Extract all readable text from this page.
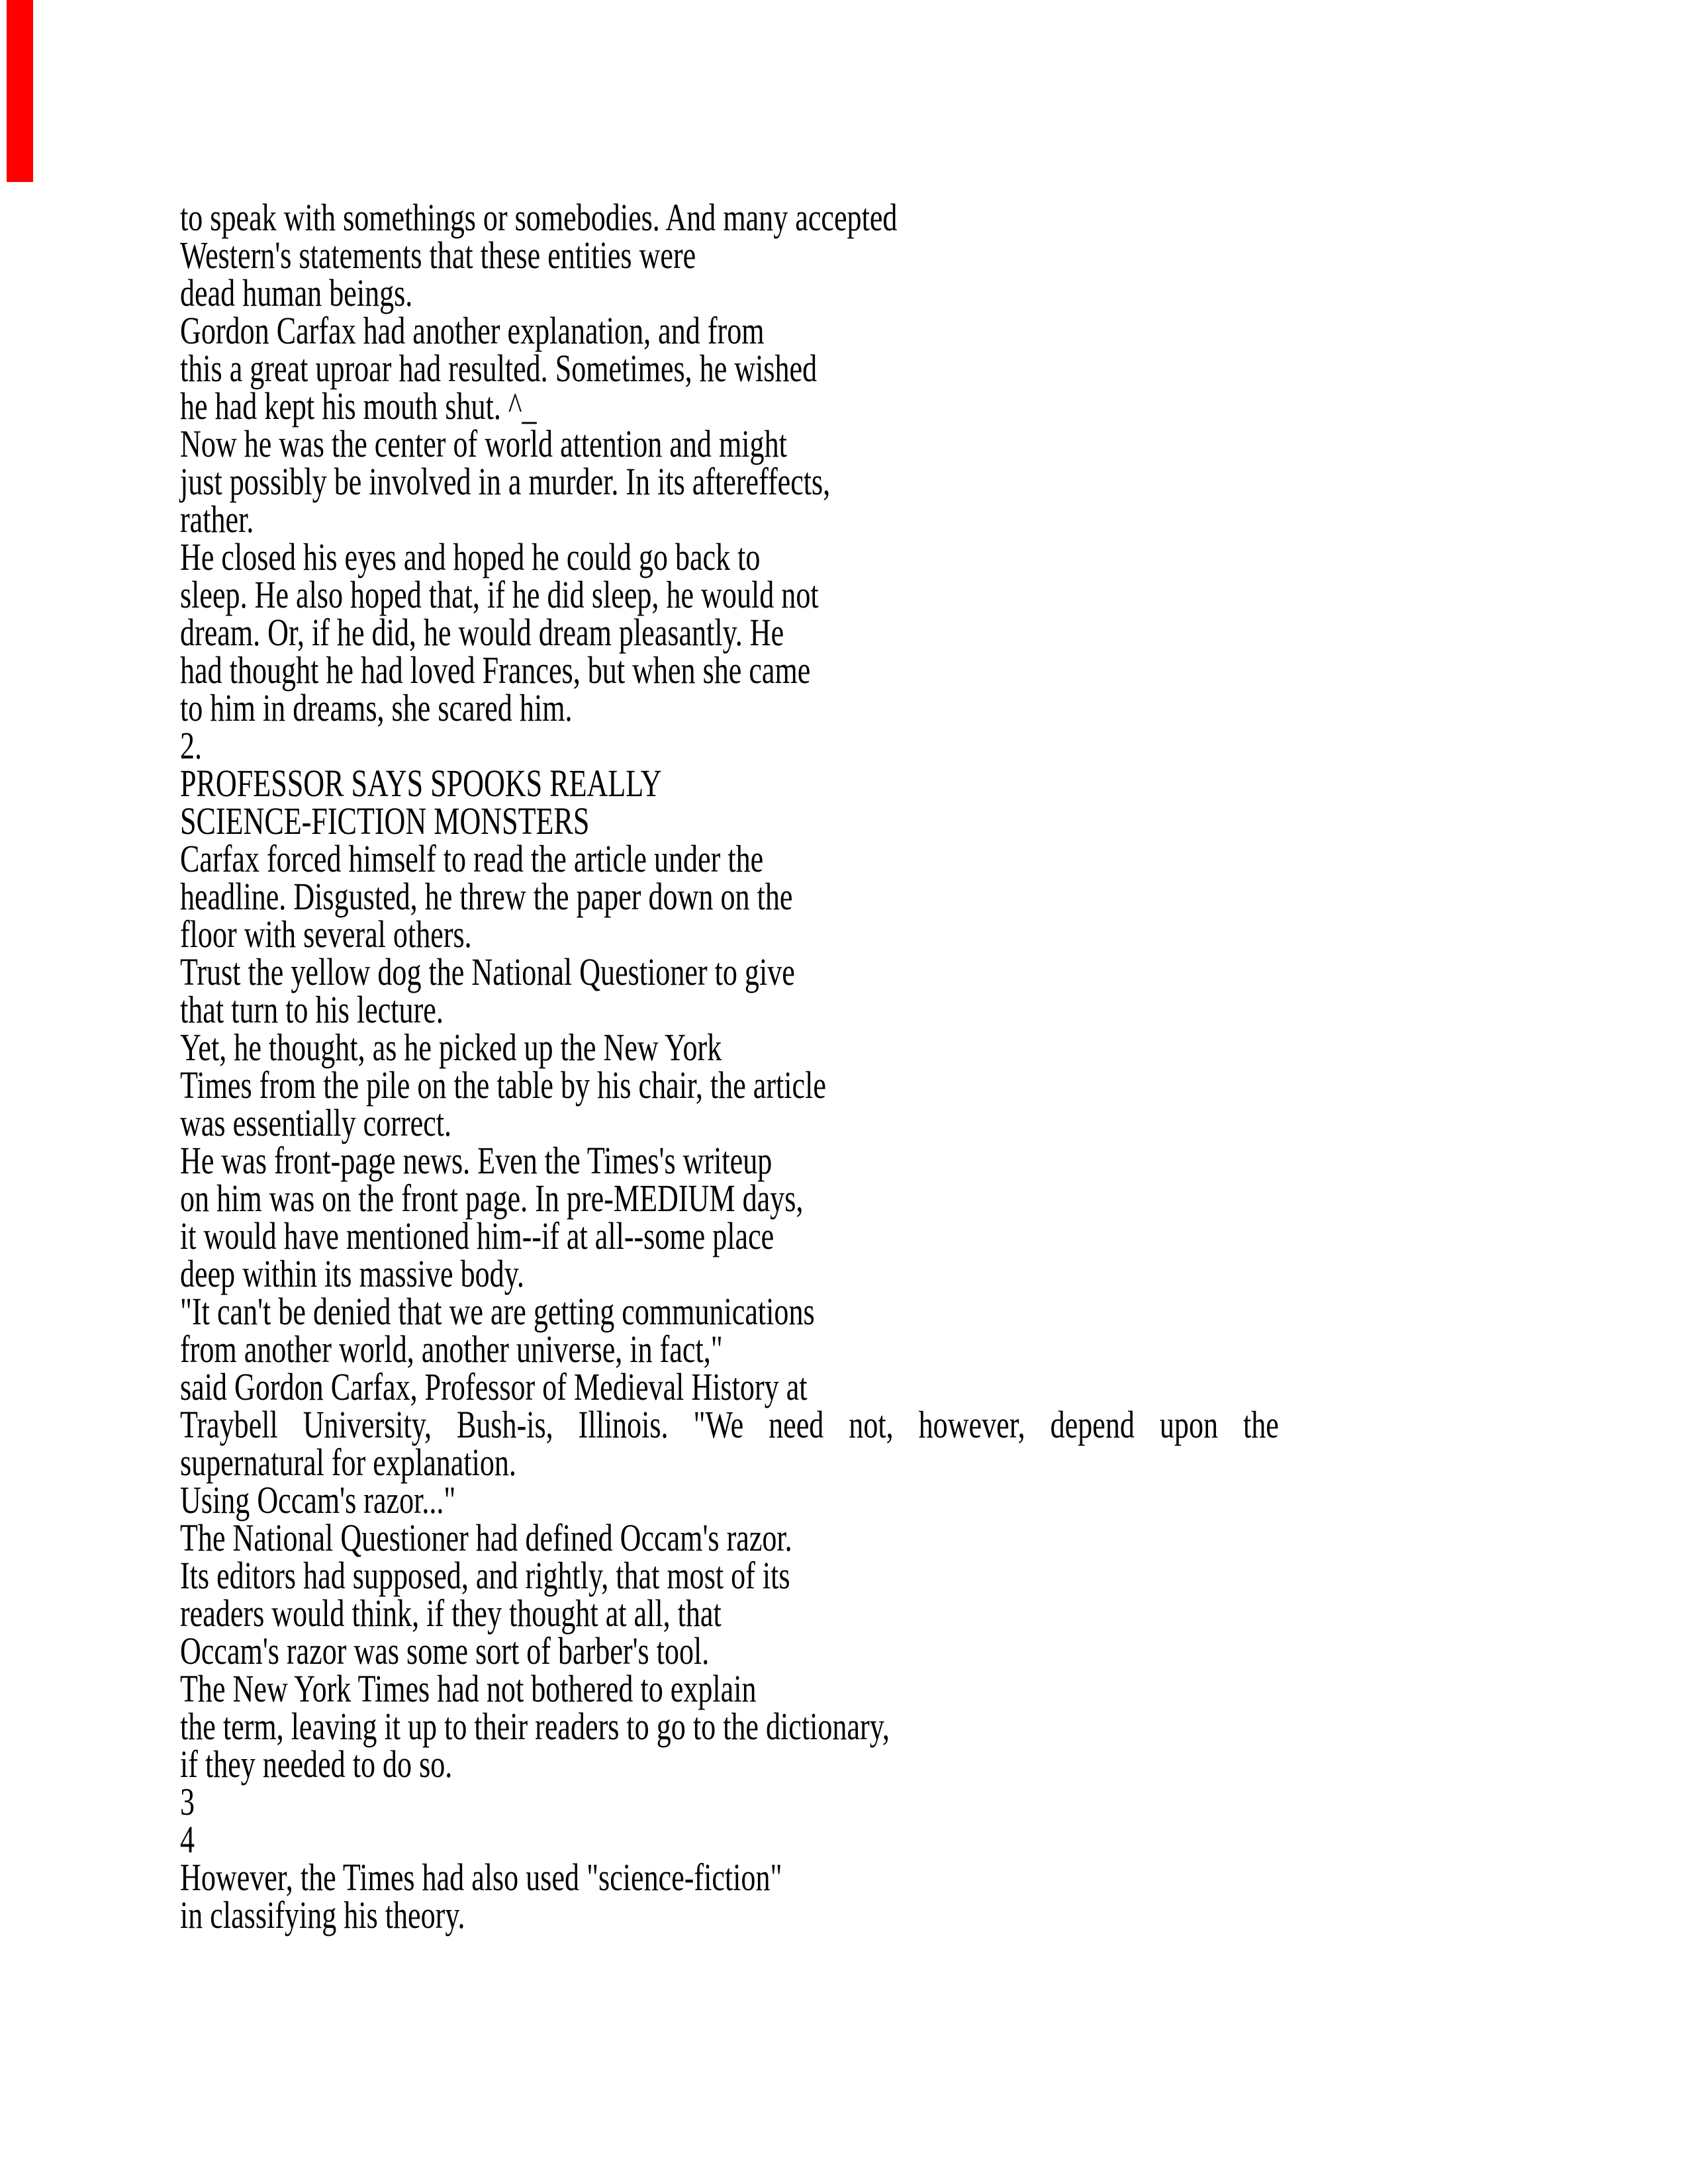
to speak with somethings or somebodies. And many accepted
Western's statements that these entities were
dead human beings.
Gordon Carfax had another explanation, and from
this a great uproar had resulted. Sometimes, he wished
he had kept his mouth shut. ^_
Now he was the center of world attention and might
just possibly be involved in a murder. In its aftereffects,
rather.
He closed his eyes and hoped he could go back to
sleep. He also hoped that, if he did sleep, he would not
dream. Or, if he did, he would dream pleasantly. He
had thought he had loved Frances, but when she came
to him in dreams, she scared him.
2.
PROFESSOR SAYS SPOOKS REALLY
SCIENCE-FICTION MONSTERS
Carfax forced himself to read the article under the
headline. Disgusted, he threw the paper down on the
floor with several others.
Trust the yellow dog the National Questioner to give
that turn to his lecture.
Yet, he thought, as he picked up the New York
Times from the pile on the table by his chair, the article
was essentially correct.
He was front-page news. Even the Times's writeup
on him was on the front page. In pre-MEDIUM days,
it would have mentioned him--if at all--some place
deep within its massive body.
"It can't be denied that we are getting communications
from another world, another universe, in fact,"
said Gordon Carfax, Professor of Medieval History at
Traybell University, Bush-is, Illinois. "We need not, however, depend upon the
supernatural for explanation.
Using Occam's razor..."
The National Questioner had defined Occam's razor.
Its editors had supposed, and rightly, that most of its
readers would think, if they thought at all, that
Occam's razor was some sort of barber's tool.
The New York Times had not bothered to explain
the term, leaving it up to their readers to go to the dictionary,
if they needed to do so.
3
4
However, the Times had also used "science-fiction"
in classifying his theory.
